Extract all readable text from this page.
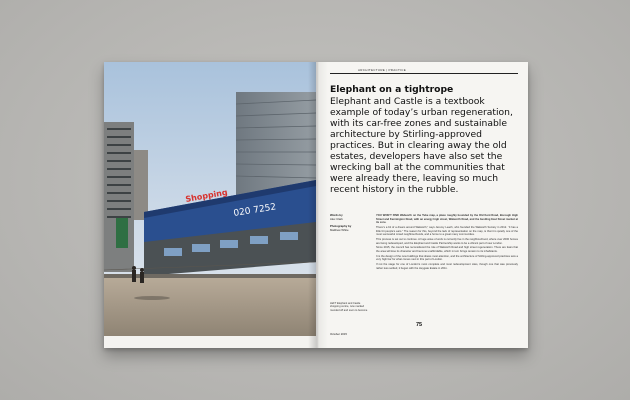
Shopping
020 7252
ARCHITECTURE | PRACTICE
Elephant on a tightrope
Elephant and Castle is a textbook example of today’s urban regeneration, with its car-free zones and sustainable architecture by Stirling-approved practices. But in clearing away the old estates, developers have also set the wrecking ball at the communities that were already there, leaving so much recent history in the rubble.
Words by
Alex Clark
Photography by
Matthew White

YOU WON’T FIND Walworth on the Tube map, a place roughly bounded by the Old Kent Road, Borough High Street and Kennington Road, with an energy high street, Walworth Road, and the bustling East Street market at its core.

There’s a bit of a dream around Walworth,” says Jeremy Leach, who founded the Walworth Society in 2012. “It has a little bit people’s ears.” The reason for this, beyond the lack of representation on the map, is that it is quietly one of the most successful mixed neighbourhoods, and a home to a great many communities.

This process is set out to continue. A huge wave of work is currently live in the neighbourhood, where over 2000 homes are being redeveloped, and the Elephant and Castle Partnership wants to be a vibrant part of new London.

Since 2015, the council has reconsidered the role of Walworth Road and high street regeneration. There are fears that the area will lose its character and become unaffordable, which in turn brings tension to its inhabitants.

It is the design of the new buildings that draws most attention, and the architecture of Stirling-approved practices sets a very high bar for what comes next in this part of London.

If not the stage for one of London’s most complete and most redevelopment sites, though one that was previously rather less settled, it began with the Heygate Estate in 2011.

LEFT Elephant and Castle shopping centre, now marked rounded off and soon to become
October 2015
75
